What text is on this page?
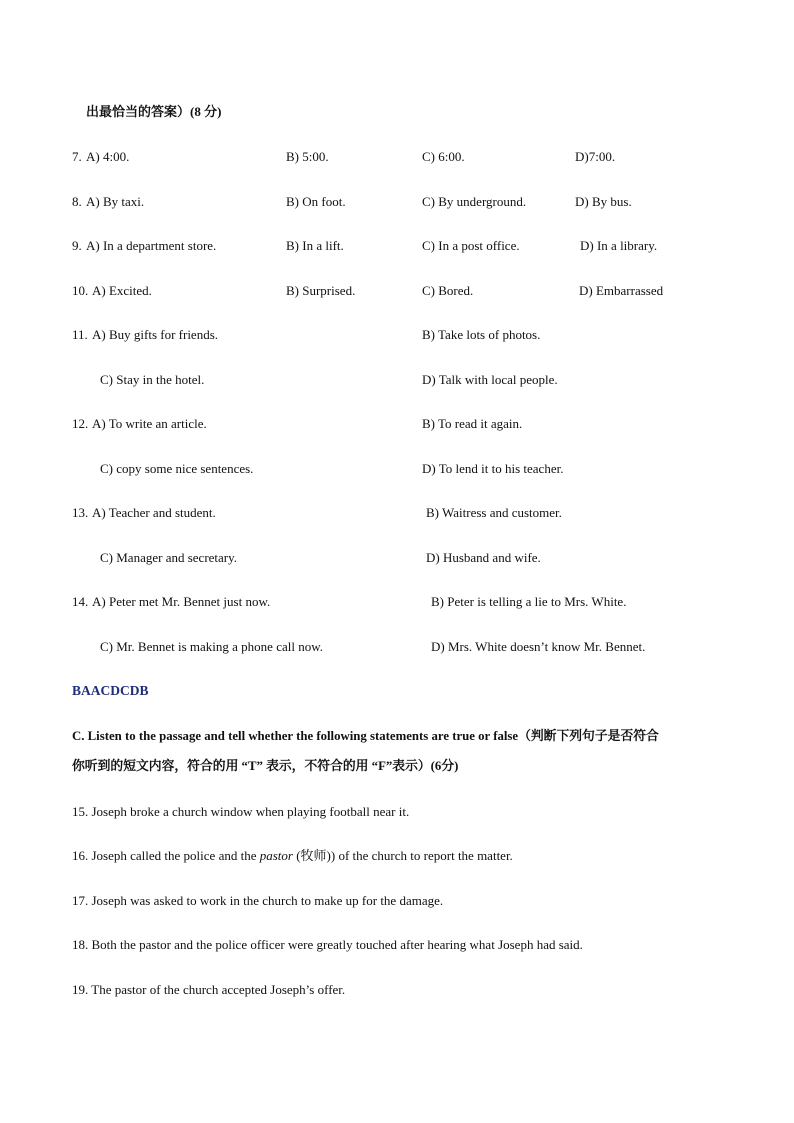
出最恰当的答案）(8 分)
7. A) 4:00.	B) 5:00.	C) 6:00.	D)7:00.
8. A) By taxi.	B) On foot.	C) By underground.	D) By bus.
9. A) In a department store.	B) In a lift.	C) In a post office.	D) In a library.
10. A) Excited.	B) Surprised.	C) Bored.	D) Embarrassed
11. A) Buy gifts for friends.	B) Take lots of photos.
C) Stay in the hotel.	D) Talk with local people.
12. A) To write an article.	B) To read it again.
C) copy some nice sentences.	D) To lend it to his teacher.
13. A) Teacher and student.	B) Waitress and customer.
C) Manager and secretary.	D) Husband and wife.
14. A) Peter met Mr. Bennet just now.	B) Peter is telling a lie to Mrs. White.
C) Mr. Bennet is making a phone call now.	D) Mrs. White doesn’t know Mr. Bennet.
BAACDCDB
C. Listen to the passage and tell whether the following statements are true or false（判断下列句子是否符合
你听到的短文内容，符合的用 “T” 表示，不符合的用 “F”表示）(6分)
15. Joseph broke a church window when playing football near it.
16. Joseph called the police and the pastor (牧师)) of the church to report the matter.
17. Joseph was asked to work in the church to make up for the damage.
18. Both the pastor and the police officer were greatly touched after hearing what Joseph had said.
19. The pastor of the church accepted Joseph’s offer.
